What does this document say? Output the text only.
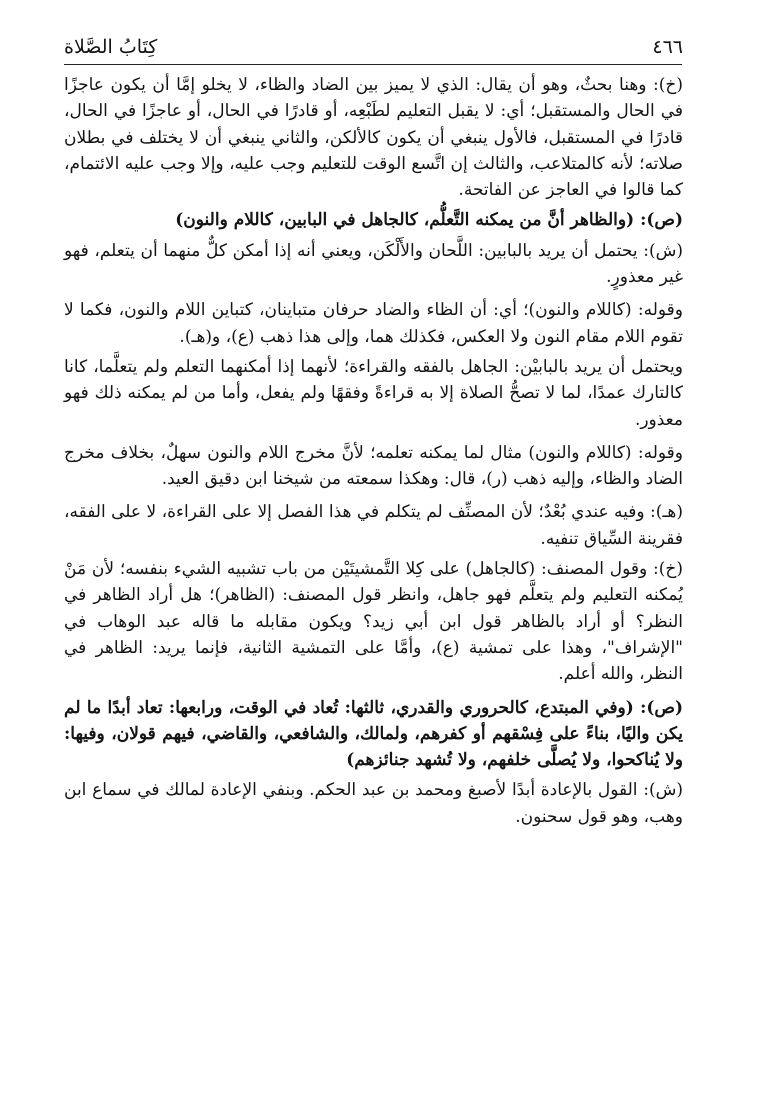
٤٦٦
كِتَابُ الصَّلاة

(خ): وهنا بحثٌ، وهو أن يقال: الذي لا يميز بين الضاد والظاء، لا يخلو إمَّا أن يكون عاجزًا في الحال والمستقبل؛ أي: لا يقبل التعليم لطَبْعِه، أو قادرًا في الحال، أو عاجزًا في الحال، قادرًا في المستقبل، فالأول ينبغي أن يكون كالألكن، والثاني ينبغي أن لا يختلف في بطلان صلاته؛ لأنه كالمتلاعب، والثالث إن اتَّسع الوقت للتعليم وجب عليه، وإلا وجب عليه الائتمام، كما قالوا في العاجز عن الفاتحة.

(ص): (والظاهر أنَّ من يمكنه التَّعلُّم، كالجاهل في البابين، كاللام والنون)

(ش): يحتمل أن يريد بالبابين: اللَّحان والأَلْكَن، ويعني أنه إذا أمكن كلٌّ منهما أن يتعلم، فهو غير معذورٍ.

وقوله: (كاللام والنون)؛ أي: أن الظاء والضاد حرفان متباينان، كتباين اللام والنون، فكما لا تقوم اللام مقام النون ولا العكس، فكذلك هما، وإلى هذا ذهب (ع)، و(هـ).

ويحتمل أن يريد بالبابيْن: الجاهل بالفقه والقراءة؛ لأنهما إذا أمكنهما التعلم ولم يتعلَّما، كانا كالتارك عمدًا، لما لا تصحُّ الصلاة إلا به قراءةً وفقهًا ولم يفعل، وأما من لم يمكنه ذلك فهو معذور.

وقوله: (كاللام والنون) مثال لما يمكنه تعلمه؛ لأنَّ مخرج اللام والنون سهلٌ، بخلاف مخرج الضاد والظاء، وإليه ذهب (ر)، قال: وهكذا سمعته من شيخنا ابن دقيق العيد.

(هـ): وفيه عندي بُعْدٌ؛ لأن المصنِّف لم يتكلم في هذا الفصل إلا على القراءة، لا على الفقه، فقرينة السِّياق تنفيه.

(خ): وقول المصنف: (كالجاهل) على كِلا التَّمشيتَيْن من باب تشبيه الشيء بنفسه؛ لأن مَنْ يُمكنه التعليم ولم يتعلَّم فهو جاهل، وانظر قول المصنف: (الظاهر)؛ هل أراد الظاهر في النظر؟ أو أراد بالظاهر قول ابن أبي زيد؟ ويكون مقابله ما قاله عبد الوهاب في "الإشراف"، وهذا على تمشية (ع)، وأمَّا على التمشية الثانية، فإنما يريد: الظاهر في النظر، والله أعلم.

(ص): (وفي المبتدع، كالحروري والقدري، ثالثها: تُعاد في الوقت، ورابعها: تعاد أبدًا ما لم يكن واليًا، بناءً على فِسْقهم أو كفرهم، ولمالك، والشافعي، والقاضي، فيهم قولان، وفيها: ولا يُناكحوا، ولا يُصلَّى خلفهم، ولا تُشهد جنائزهم)

(ش): القول بالإعادة أبدًا لأصبغ ومحمد بن عبد الحكم. وبنفي الإعادة لمالك في سماع ابن وهب، وهو قول سحنون.
